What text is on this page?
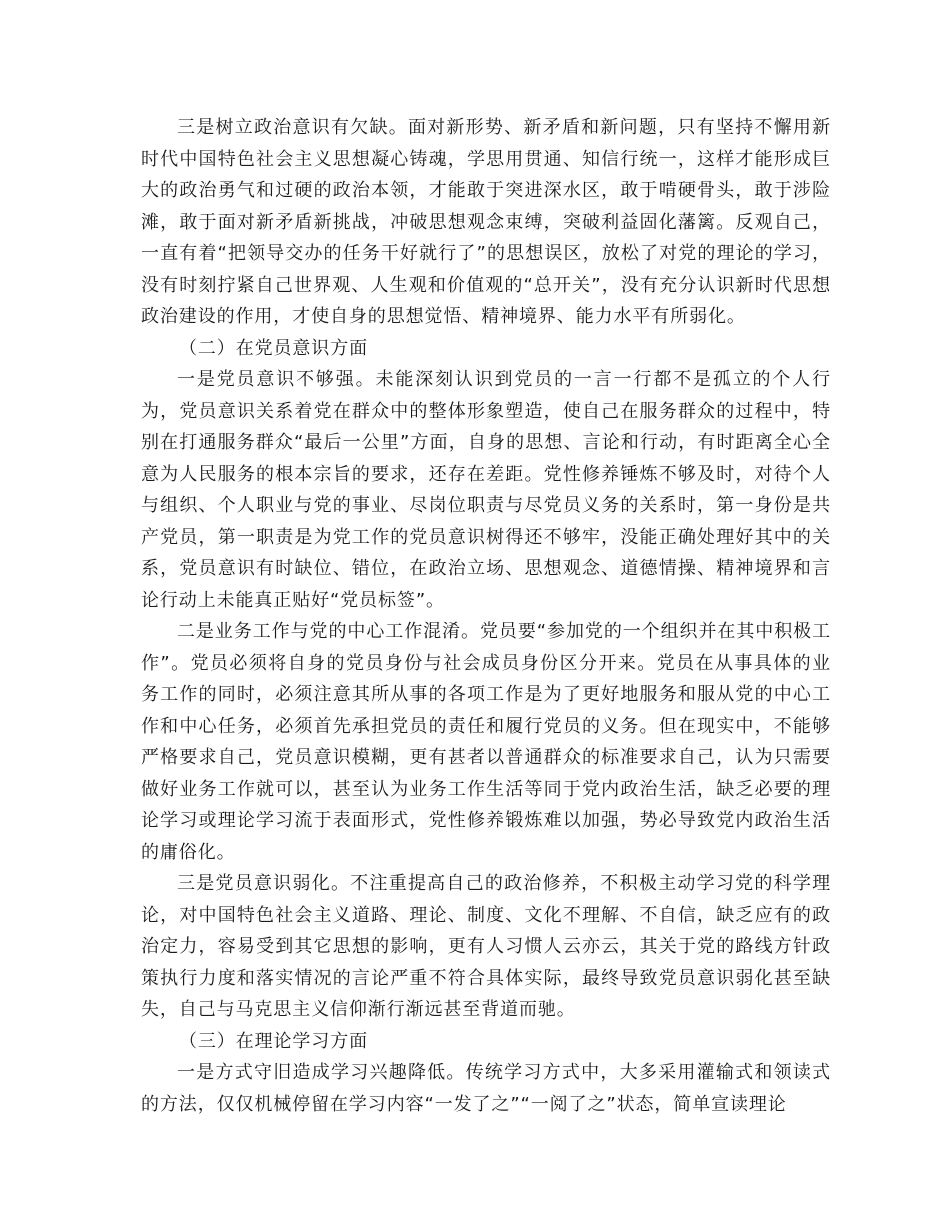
三是树立政治意识有欠缺。面对新形势、新矛盾和新问题，只有坚持不懈用新时代中国特色社会主义思想凝心铸魂，学思用贯通、知信行统一，这样才能形成巨大的政治勇气和过硬的政治本领，才能敢于突进深水区，敢于啃硬骨头，敢于涉险滩，敢于面对新矛盾新挑战，冲破思想观念束缚，突破利益固化藩篱。反观自己，一直有着“把领导交办的任务干好就行了”的思想误区，放松了对党的理论的学习，没有时刻拧紧自己世界观、人生观和价值观的“总开关”，没有充分认识新时代思想政治建设的作用，才使自身的思想觉悟、精神境界、能力水平有所弱化。

（二）在党员意识方面

一是党员意识不够强。未能深刻认识到党员的一言一行都不是孤立的个人行为，党员意识关系着党在群众中的整体形象塑造，使自己在服务群众的过程中，特别在打通服务群众“最后一公里”方面，自身的思想、言论和行动，有时距离全心全意为人民服务的根本宗旨的要求，还存在差距。党性修养锤炼不够及时，对待个人与组织、个人职业与党的事业、尽岗位职责与尽党员义务的关系时，第一身份是共产党员，第一职责是为党工作的党员意识树得还不够牢，没能正确处理好其中的关系，党员意识有时缺位、错位，在政治立场、思想观念、道德情操、精神境界和言论行动上未能真正贴好“党员标签”。

二是业务工作与党的中心工作混淆。党员要“参加党的一个组织并在其中积极工作”。党员必须将自身的党员身份与社会成员身份区分开来。党员在从事具体的业务工作的同时，必须注意其所从事的各项工作是为了更好地服务和服从党的中心工作和中心任务，必须首先承担党员的责任和履行党员的义务。但在现实中，不能够严格要求自己，党员意识模糊，更有甚者以普通群众的标准要求自己，认为只需要做好业务工作就可以，甚至认为业务工作生活等同于党内政治生活，缺乏必要的理论学习或理论学习流于表面形式，党性修养锻炼难以加强，势必导致党内政治生活的庸俗化。

三是党员意识弱化。不注重提高自己的政治修养，不积极主动学习党的科学理论，对中国特色社会主义道路、理论、制度、文化不理解、不自信，缺乏应有的政治定力，容易受到其它思想的影响，更有人习惯人云亦云，其关于党的路线方针政策执行力度和落实情况的言论严重不符合具体实际，最终导致党员意识弱化甚至缺失，自己与马克思主义信仰渐行渐远甚至背道而驰。

（三）在理论学习方面

一是方式守旧造成学习兴趣降低。传统学习方式中，大多采用灌输式和领读式的方法，仅仅机械停留在学习内容“一发了之”“一阅了之”状态，简单宣读理论
